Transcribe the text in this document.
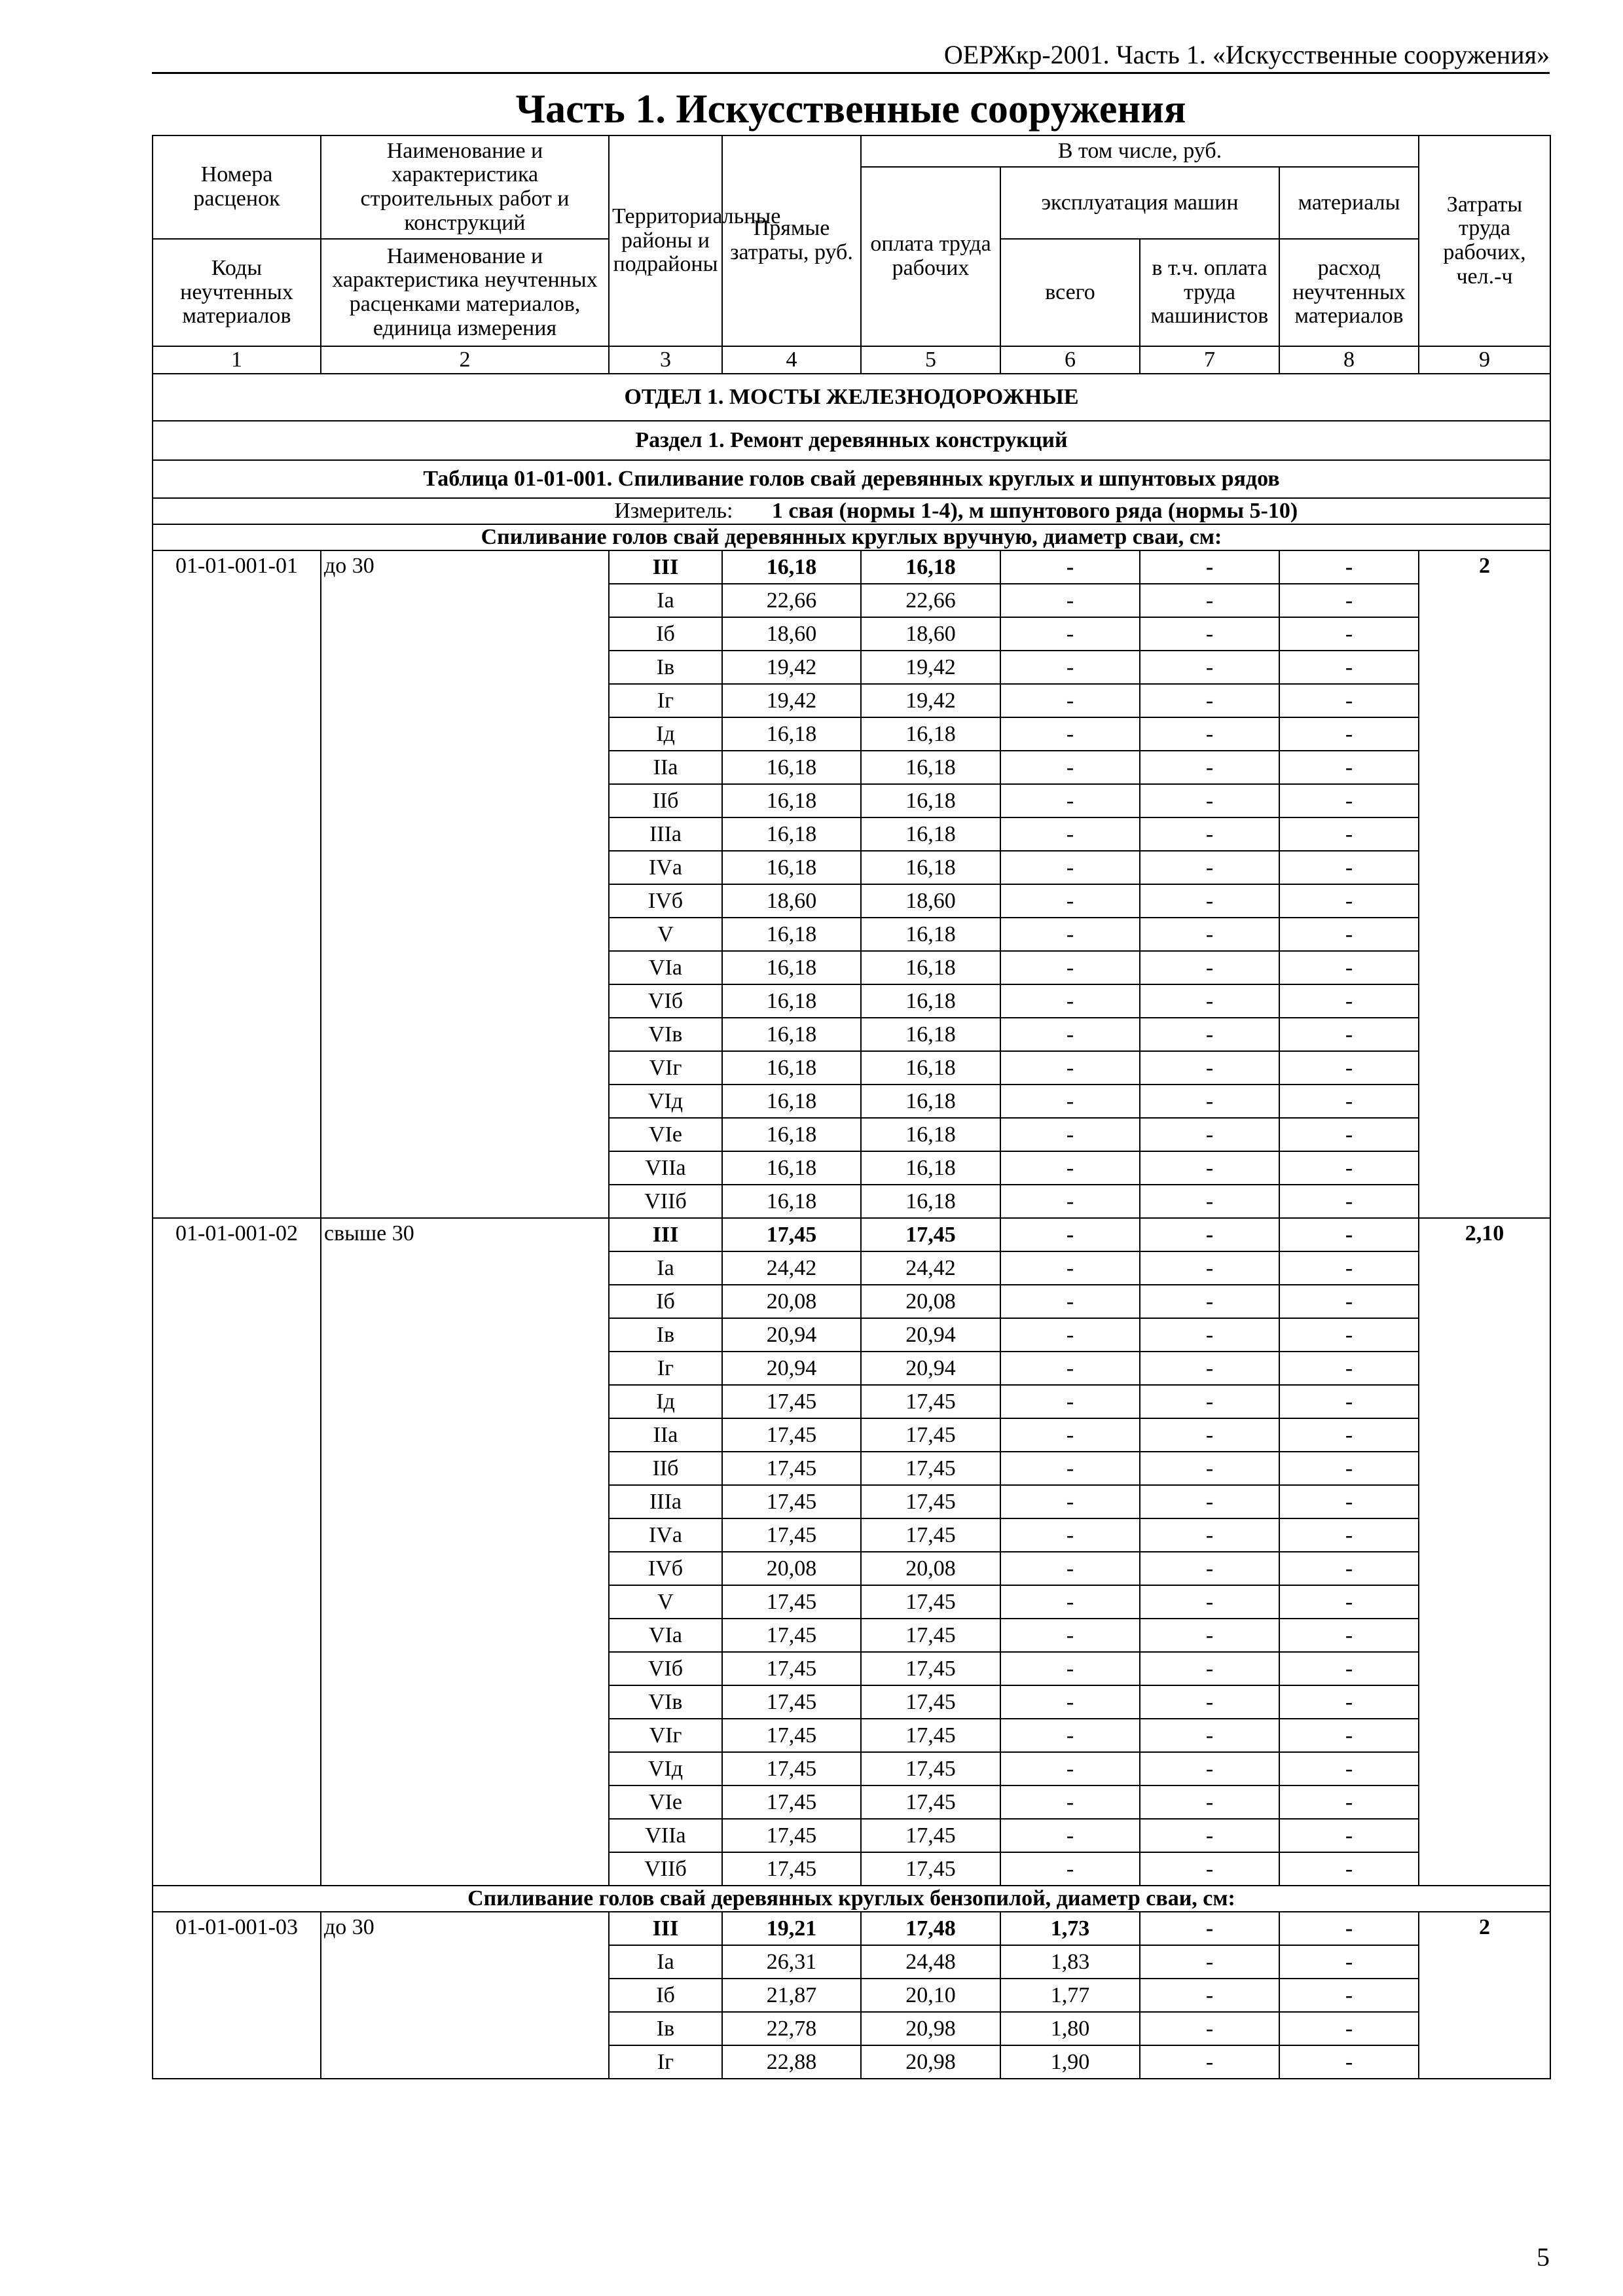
ОЕРЖкр-2001. Часть 1. «Искусственные сооружения»
Часть 1. Искусственные сооружения
Номера расценок	Наименование и характеристика строительных работ и конструкций	Территориальные районы и подрайоны	Прямые затраты, руб.	В том числе, руб.				Затраты труда рабочих, чел.-ч
				оплата труда рабочих	эксплуатация машин		материалы	
Коды неучтенных материалов	Наименование и характеристика неучтенных расценками материалов, единица измерения				всего	в т.ч. оплата труда машинистов	расход неучтенных материалов	

1	2	3	4	5	6	7	8	9
ОТДЕЛ 1. МОСТЫ ЖЕЛЕЗНОДОРОЖНЫЕ								
Раздел 1. Ремонт деревянных конструкций								
Таблица 01-01-001. Спиливание голов свай деревянных круглых и шпунтовых рядов								
Измеритель: 1 свая (нормы 1-4), м шпунтового ряда (нормы 5-10)								
Спиливание голов свай деревянных круглых вручную, диаметр сваи, см:								
01-01-001-01	до 30	III	16,18	16,18	-	-	-	2
		Iа	22,66	22,66	-	-	-	
		Iб	18,60	18,60	-	-	-	
		Iв	19,42	19,42	-	-	-	
		Iг	19,42	19,42	-	-	-	
		Iд	16,18	16,18	-	-	-	
		IIа	16,18	16,18	-	-	-	
		IIб	16,18	16,18	-	-	-	
		IIIа	16,18	16,18	-	-	-	
		IVа	16,18	16,18	-	-	-	
		IVб	18,60	18,60	-	-	-	
		V	16,18	16,18	-	-	-	
		VIа	16,18	16,18	-	-	-	
		VIб	16,18	16,18	-	-	-	
		VIв	16,18	16,18	-	-	-	
		VIг	16,18	16,18	-	-	-	
		VIд	16,18	16,18	-	-	-	
		VIе	16,18	16,18	-	-	-	
		VIIа	16,18	16,18	-	-	-	
		VIIб	16,18	16,18	-	-	-	
01-01-001-02	свыше 30	III	17,45	17,45	-	-	-	2,10
		Iа	24,42	24,42	-	-	-	
		Iб	20,08	20,08	-	-	-	
		Iв	20,94	20,94	-	-	-	
		Iг	20,94	20,94	-	-	-	
		Iд	17,45	17,45	-	-	-	
		IIа	17,45	17,45	-	-	-	
		IIб	17,45	17,45	-	-	-	
		IIIа	17,45	17,45	-	-	-	
		IVа	17,45	17,45	-	-	-	
		IVб	20,08	20,08	-	-	-	
		V	17,45	17,45	-	-	-	
		VIа	17,45	17,45	-	-	-	
		VIб	17,45	17,45	-	-	-	
		VIв	17,45	17,45	-	-	-	
		VIг	17,45	17,45	-	-	-	
		VIд	17,45	17,45	-	-	-	
		VIе	17,45	17,45	-	-	-	
		VIIа	17,45	17,45	-	-	-	
		VIIб	17,45	17,45	-	-	-	
Спиливание голов свай деревянных круглых бензопилой, диаметр сваи, см:								
01-01-001-03	до 30	III	19,21	17,48	1,73	-	-	2
		Iа	26,31	24,48	1,83	-	-	
		Iб	21,87	20,10	1,77	-	-	
		Iв	22,78	20,98	1,80	-	-	
		Iг	22,88	20,98	1,90	-	-	
5
